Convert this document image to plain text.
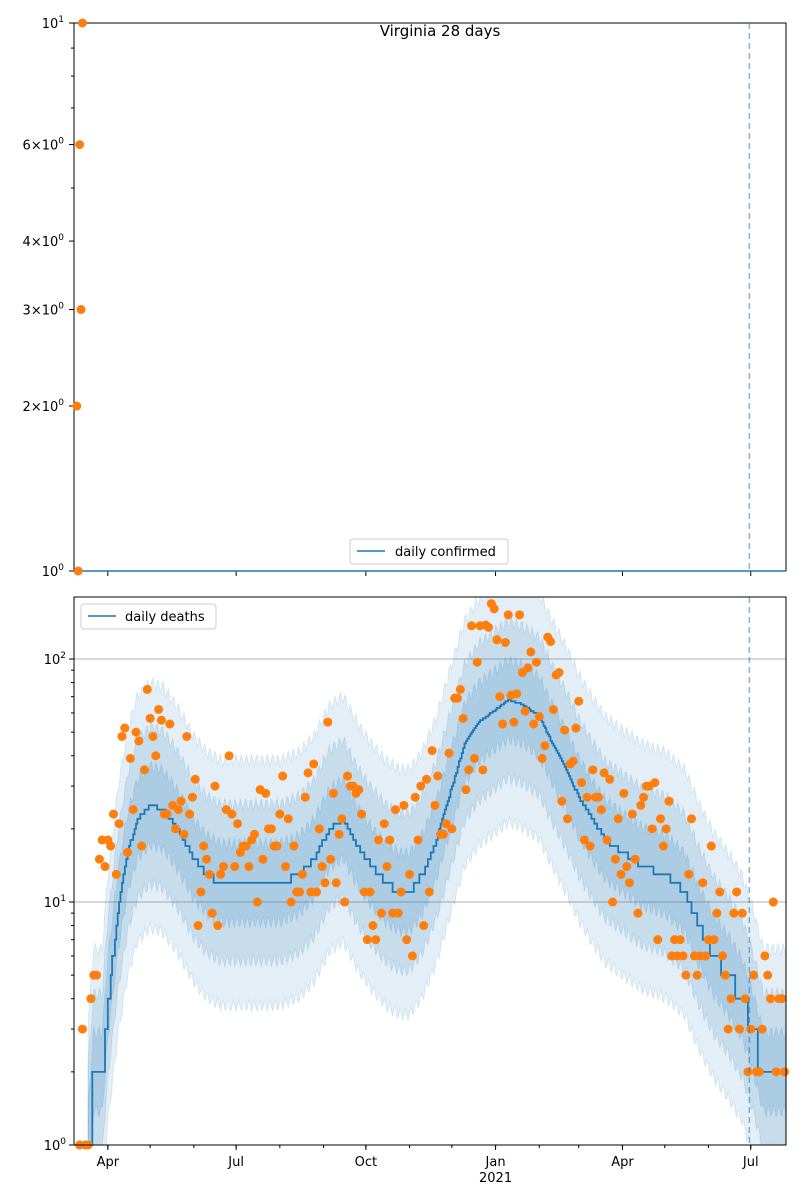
$10^0$
$2\times 10^0$
$3\times 10^0$
$4\times 10^0$
$6\times 10^0$
$10^1$
Virginia 28 days
daily confirmed
$10^0$
$10^1$
$10^2$
Apr	Jul	Oct	Jan
2021
Apr	Jul
daily deaths
